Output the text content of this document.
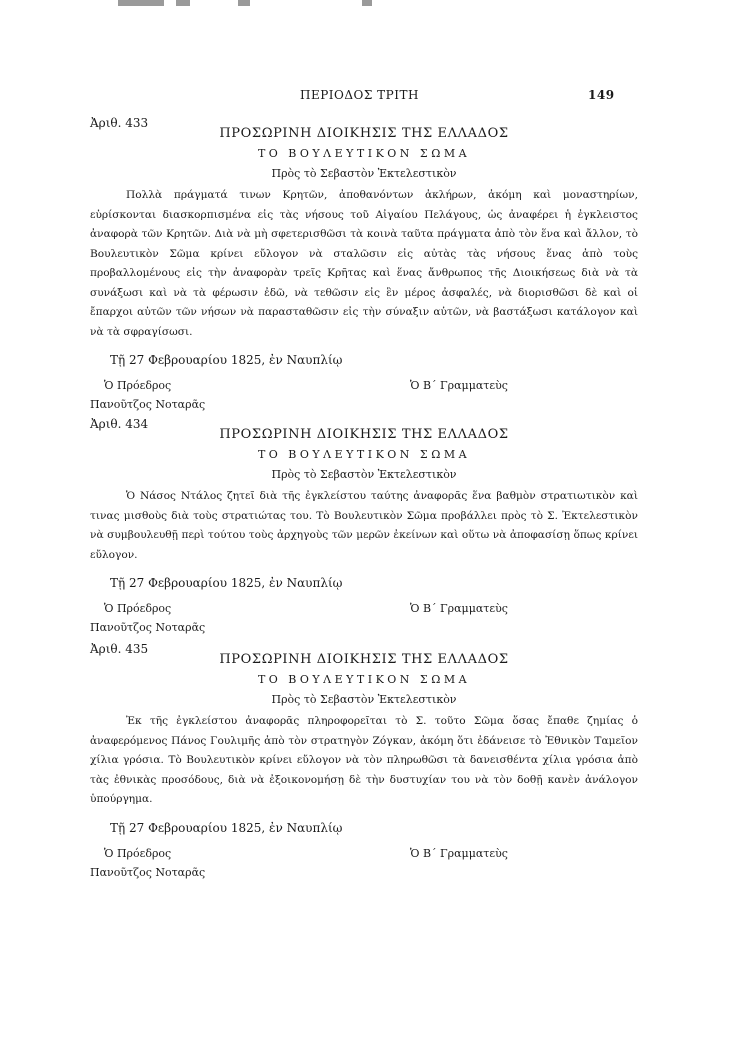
ΠΕΡΙΟΔΟΣ ΤΡΙΤΗ	149

Ἀριθ. 433

ΠΡΟΣΩΡΙΝΗ ΔΙΟΙΚΗΣΙΣ ΤΗΣ ΕΛΛΑΔΟΣ

ΤΟ ΒΟΥΛΕΥΤΙΚΟΝ ΣΩΜΑ

Πρὸς τὸ Σεβαστὸν Ἐκτελεστικὸν

Πολλὰ πράγματά τινων Κρητῶν, ἀποθανόντων ἀκλήρων, ἀκόμη καὶ μοναστηρίων, εὑρίσκονται διασκορπισμένα εἰς τὰς νήσους τοῦ Αἰγαίου Πελάγους, ὡς ἀναφέρει ἡ ἐγκλειστος ἀναφορὰ τῶν Κρητῶν. Διὰ νὰ μὴ σφετερισθῶσι τὰ κοινὰ ταῦτα πράγματα ἀπὸ τὸν ἕνα καὶ ἄλλον, τὸ Βουλευτικὸν Σῶμα κρίνει εὔλογον νὰ σταλῶσιν εἰς αὐτὰς τὰς νήσους ἕνας ἀπὸ τοὺς προβαλλομένους εἰς τὴν ἀναφορὰν τρεῖς Κρῆτας καὶ ἕνας ἄνθρωπος τῆς Διοικήσεως διὰ νὰ τὰ συνάξωσι καὶ νὰ τὰ φέρωσιν ἐδῶ, νὰ τεθῶσιν εἰς ἓν μέρος ἀσφαλές, νὰ διορισθῶσι δὲ καὶ οἱ ἔπαρχοι αὐτῶν τῶν νήσων νὰ παρασταθῶσιν εἰς τὴν σύναξιν αὐτῶν, νὰ βαστάξωσι κατάλογον καὶ νὰ τὰ σφραγίσωσι.

Τῇ 27 Φεβρουαρίου 1825, ἐν Ναυπλίῳ

Ὁ Πρόεδρος	Ὁ Β΄ Γραμματεὺς

Πανοῦτζος Νοταρᾶς

Ἀριθ. 434

ΠΡΟΣΩΡΙΝΗ ΔΙΟΙΚΗΣΙΣ ΤΗΣ ΕΛΛΑΔΟΣ

ΤΟ ΒΟΥΛΕΥΤΙΚΟΝ ΣΩΜΑ

Πρὸς τὸ Σεβαστὸν Ἐκτελεστικὸν

Ὁ Νάσος Ντάλος ζητεῖ διὰ τῆς ἐγκλείστου ταύτης ἀναφορᾶς ἕνα βαθμὸν στρατιωτικὸν καὶ τινας μισθοὺς διὰ τοὺς στρατιώτας του. Τὸ Βουλευτικὸν Σῶμα προβάλλει πρὸς τὸ Σ. Ἐκτελεστικὸν νὰ συμβουλευθῇ περὶ τούτου τοὺς ἀρχηγοὺς τῶν μερῶν ἐκείνων καὶ οὕτω νὰ ἀποφασίσῃ ὅπως κρίνει εὔλογον.

Τῇ 27 Φεβρουαρίου 1825, ἐν Ναυπλίῳ

Ὁ Πρόεδρος	Ὁ Β΄ Γραμματεὺς

Πανοῦτζος Νοταρᾶς

Ἀριθ. 435

ΠΡΟΣΩΡΙΝΗ ΔΙΟΙΚΗΣΙΣ ΤΗΣ ΕΛΛΑΔΟΣ

ΤΟ ΒΟΥΛΕΥΤΙΚΟΝ ΣΩΜΑ

Πρὸς τὸ Σεβαστὸν Ἐκτελεστικὸν

Ἐκ τῆς ἐγκλείστου ἀναφορᾶς πληροφορεῖται τὸ Σ. τοῦτο Σῶμα ὅσας ἔπαθε ζημίας ὁ ἀναφερόμενος Πάνος Γουλιμῆς ἀπὸ τὸν στρατηγὸν Ζόγκαν, ἀκόμη ὅτι ἐδάνεισε τὸ Ἐθνικὸν Ταμεῖον χίλια γρόσια. Τὸ Βουλευτικὸν κρίνει εὔλογον νὰ τὸν πληρωθῶσι τὰ δανεισθέντα χίλια γρόσια ἀπὸ τὰς ἐθνικὰς προσόδους, διὰ νὰ ἐξοικονομήσῃ δὲ τὴν δυστυχίαν του νὰ τὸν δοθῇ κανὲν ἀνάλογον ὑπούργημα.

Τῇ 27 Φεβρουαρίου 1825, ἐν Ναυπλίῳ

Ὁ Πρόεδρος	Ὁ Β΄ Γραμματεὺς

Πανοῦτζος Νοταρᾶς
